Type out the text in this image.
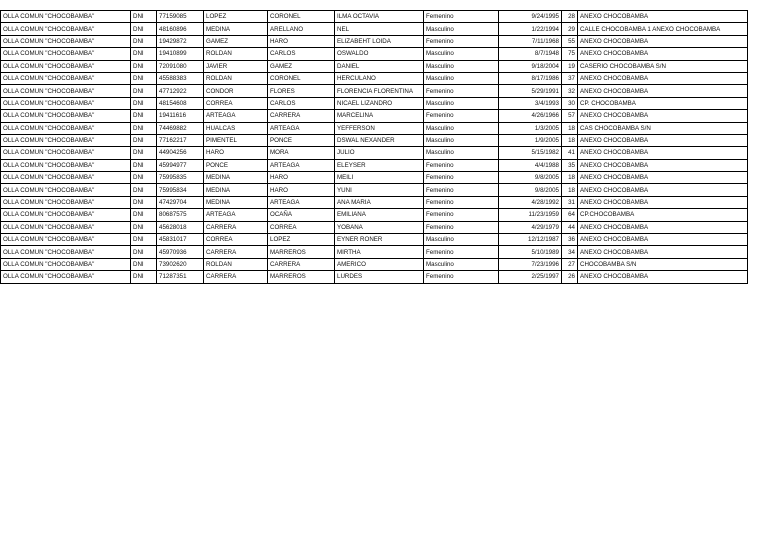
OLLA COMUN "CHOCOBAMBA"	DNI	77159085	LOPEZ	CORONEL	ILMA OCTAVIA	Femenino	9/24/1995	28	ANEXO CHOCOBAMBA
OLLA COMUN "CHOCOBAMBA"	DNI	48160896	MEDINA	ARELLANO	NEL	Masculino	1/22/1994	29	CALLE CHOCOBAMBA 1 ANEXO CHOCOBAMBA
OLLA COMUN "CHOCOBAMBA"	DNI	19429872	GAMEZ	HARO	ELIZABEHT LOIDA	Femenino	7/11/1968	55	ANEXO CHOCOBAMBA
OLLA COMUN "CHOCOBAMBA"	DNI	19410899	ROLDAN	CARLOS	OSWALDO	Masculino	8/7/1948	75	ANEXO CHOCOBAMBA
OLLA COMUN "CHOCOBAMBA"	DNI	72091080	JAVIER	GAMEZ	DANIEL	Masculino	9/18/2004	19	CASERIO CHOCOBAMBA S/N
OLLA COMUN "CHOCOBAMBA"	DNI	45588383	ROLDAN	CORONEL	HERCULANO	Masculino	8/17/1986	37	ANEXO CHOCOBAMBA
OLLA COMUN "CHOCOBAMBA"	DNI	47712922	CONDOR	FLORES	FLORENCIA FLORENTINA	Femenino	5/29/1991	32	ANEXO CHOCOBAMBA
OLLA COMUN "CHOCOBAMBA"	DNI	48154608	CORREA	CARLOS	NICAEL LIZANDRO	Masculino	3/4/1993	30	CP. CHOCOBAMBA
OLLA COMUN "CHOCOBAMBA"	DNI	19411616	ARTEAGA	CARRERA	MARCELINA	Femenino	4/26/1966	57	ANEXO CHOCOBAMBA
OLLA COMUN "CHOCOBAMBA"	DNI	74469882	HUALCAS	ARTEAGA	YEFFERSON	Masculino	1/3/2005	18	CAS CHOCOBAMBA S/N
OLLA COMUN "CHOCOBAMBA"	DNI	77162217	PIMENTEL	PONCE	DSWAL NEXANDER	Masculino	1/9/2005	18	ANEXO CHOCOBAMBA
OLLA COMUN "CHOCOBAMBA"	DNI	44904256	HARO	MORA	JULIO	Masculino	5/15/1982	41	ANEXO CHOCOBAMBA
OLLA COMUN "CHOCOBAMBA"	DNI	45994977	PONCE	ARTEAGA	ELEYSER	Femenino	4/4/1988	35	ANEXO CHOCOBAMBA
OLLA COMUN "CHOCOBAMBA"	DNI	75995835	MEDINA	HARO	MEILI	Femenino	9/8/2005	18	ANEXO CHOCOBAMBA
OLLA COMUN "CHOCOBAMBA"	DNI	75995834	MEDINA	HARO	YUNI	Femenino	9/8/2005	18	ANEXO CHOCOBAMBA
OLLA COMUN "CHOCOBAMBA"	DNI	47429704	MEDINA	ARTEAGA	ANA MARIA	Femenino	4/28/1992	31	ANEXO CHOCOBAMBA
OLLA COMUN "CHOCOBAMBA"	DNI	80687575	ARTEAGA	OCAÑA	EMILIANA	Femenino	11/23/1959	64	CP.CHOCOBAMBA
OLLA COMUN "CHOCOBAMBA"	DNI	45628018	CARRERA	CORREA	YOBANA	Femenino	4/29/1979	44	ANEXO CHOCOBAMBA
OLLA COMUN "CHOCOBAMBA"	DNI	45831017	CORREA	LOPEZ	EYNER RONER	Masculino	12/12/1987	36	ANEXO CHOCOBAMBA
OLLA COMUN "CHOCOBAMBA"	DNI	45970936	CARRERA	MARREROS	MIRTHA	Femenino	5/10/1989	34	ANEXO CHOCOBAMBA
OLLA COMUN "CHOCOBAMBA"	DNI	73902620	ROLDAN	CARRERA	AMERICO	Masculino	7/23/1996	27	CHOCOBAMBA S/N
OLLA COMUN "CHOCOBAMBA"	DNI	71287351	CARRERA	MARREROS	LURDES	Femenino	2/25/1997	26	ANEXO CHOCOBAMBA
